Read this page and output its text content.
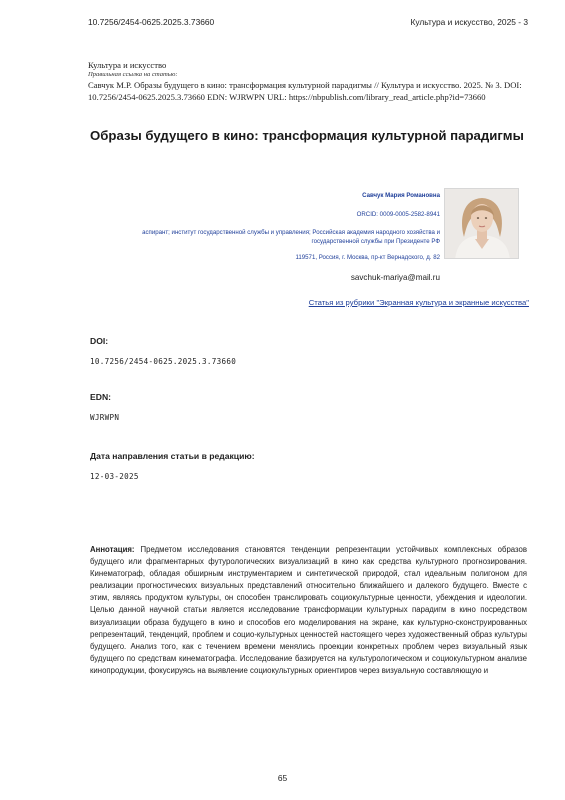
10.7256/2454-0625.2025.3.73660	Культура и искусство, 2025 - 3
Культура и искусство
Правильная ссылка на статью:
Савчук М.Р. Образы будущего в кино: трансформация культурной парадигмы // Культура и искусство. 2025. № 3. DOI: 10.7256/2454-0625.2025.3.73660 EDN: WJRWPN URL: https://nbpublish.com/library_read_article.php?id=73660
Образы будущего в кино: трансформация культурной парадигмы
Савчук Мария Романовна
ORCID: 0009-0005-2582-8941
аспирант; институт государственной службы и управления; Российская академия народного хозяйства и государственной службы при Президенте РФ
119571, Россия, г. Москва, пр-кт Вернадского, д. 82
savchuk-mariya@mail.ru
Статья из рубрики "Экранная культура и экранные искусства"
DOI:
10.7256/2454-0625.2025.3.73660
EDN:
WJRWPN
Дата направления статьи в редакцию:
12-03-2025
Аннотация: Предметом исследования становятся тенденции репрезентации устойчивых комплексных образов будущего или фрагментарных футурологических визуализаций в кино как средства культурного прогнозирования. Кинематограф, обладая обширным инструментарием и синтетической природой, стал идеальным полигоном для реализации прогностических визуальных представлений относительно ближайшего и далекого будущего. Вместе с этим, являясь продуктом культуры, он способен транслировать социокультурные ценности, убеждения и идеологии. Целью данной научной статьи является исследование трансформации культурных парадигм в кино посредством визуализации образа будущего в кино и способов его моделирования на экране, как культурно-сконструированных репрезентаций, тенденций, проблем и социо-культурных ценностей настоящего через художественный образ культуры будущего. Анализ того, как с течением времени менялись проекции конкретных проблем через визуальный язык будущего по средствам кинематографа. Исследование базируется на культурологическом и социокультурном анализе кинопродукции, фокусируясь на выявление социокультурных ориентиров через визуальную составляющую и
65
